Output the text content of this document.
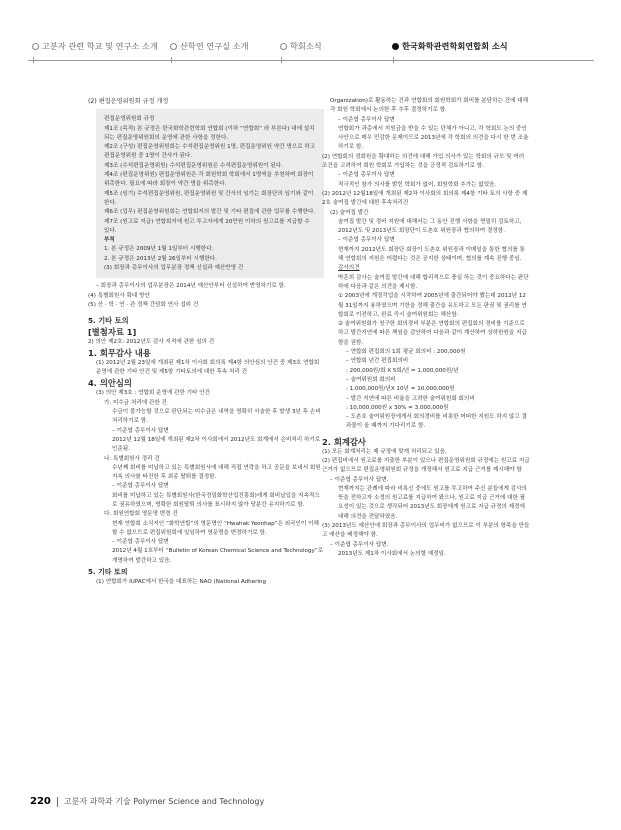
고분자 관련 학교 및 연구소 소개	산학연 연구실 소개	학회소식	한국화학관련학회연합회 소식

(2) 편집운영위원회 규정 개정

편집운영위원회 규정

제1조 (목적) 본 규정은 한국화학관련학회 연합회 (이하 “연합회” 라 부른다) 내에 설치되는 편집운영위원회의 운영에 관한 사항을 정한다.

제2조 (구성) 편집운영위원회는 수석편집운영위원 1명, 편집운영위원 약간 명으로 하고 편집운영위원 중 1명이 간사가 된다.

제3조 (수석편집운영위원) 수석편집운영위원은 수석편집운영위원이 된다.

제4조 (편집운영위원) 편집운영위원은 각 회원학회 학회에서 1명씩을 추천하며 회장이 위촉한다. 필요에 따라 회장이 약간 명을 위촉한다.

제5조 (임기) 수석편집운영위원, 편집운영위원 및 간사의 임기는 회장단의 임기와 같이한다.

제6조 (업무) 편집운영위원회는 연합회지의 발간 및 기타 편집에 관한 업무를 수행한다.

제7조 (원고료 지급) 연합회지에 원고 투고자에게 20만원 이하의 원고료를 지급할 수 있다.

부칙

1. 본 규정은 2009년 1월 1일부터 시행한다.

2. 본 규정은 2013년 2월 26일부터 시행한다.

(3) 회장과 총무이사의 업무분장 정책 신설과 예산반영 건

– 회장과 총무이사의 업무분장은 2014년 예산안부터 신설하여 반영하기로 함.

(4) 특별회원사 확대 방안

(5) 산 · 학 · 연 · 관 정책 간담회 연사 섭외 건

5. 기타 토의

[별첨자료 1]

2) 의안 제2호: 2012년도 감사 지적에 관한 심의 건

1. 회무감사 내용

(1) 2012년 2월 23일에 개최된 제1차 이사회 회의록 제4항 의안심의 안건 중 제3호 연합회 운영에 관한 기타 안건 및 제5항 기타토의에 대한 후속 처리 건

4. 의안심의

(3) 의안 제3호 : 연합회 운영에 관한 기타 안건

가. 미수금 처리에 관한 건

수금이 불가능할 것으로 판단되는 미수금은 내역을 명확히 서술한 후 발생 3년 후 손비 처리하기로 함.

– 이준엽 총무이사 답변

2012년 12월 18일에 개최된 제2차 이사회에서 2012년도 회계에서 손비처리 하기로 인준됨.

나. 특별회원사 정리 건

수년째 회비를 미납하고 있는 특별회원사에 대해 직접 연락을 하고 공문을 보내서 회원 지속 의사를 타진한 후 최종 탈퇴를 결정함.

– 이준엽 총무이사 답변

회비를 미납하고 있는 특별회원사(한국정밀화학산업진흥회)에게 회비납입을 지속적으로 권유하였으며, 명확한 회원탈퇴 의사를 표시하지 않아 당분간 유지하기로 함.

다. 회원연합회 영문명 변경 건

현재 연합회 소식지인 “화학연합”의 영문명인 “Hwahak Yeonhap”은 외국인이 이해할 수 없으므로 편집위원회에 일임하여 영문명을 변경하기로 함.

– 이준엽 총무이사 답변

2012년 4월 1호부터 “Bulletin of Korean Chemical Science and Technology”로 개명하여 발간하고 있음.

5. 기타 토의

(1) 연합회가 IUPAC에서 한국을 대표하는 NAO (National Adhering

Organization)로 활동하는 건과 연합회의 회원학회가 회비를 분담하는 건에 대해 각 회원 학회에서 논의한 후 추후 결정하기로 함.

– 이준엽 총무이사 답변

연합회가 과총에서 지원금을 받을 수 있는 단체가 아니고, 각 학회도 논의 중인 사안으로 매우 민감한 문제이므로 2013년에 각 학회의 의견을 다시 한 번 조율 하기로 함.

(2) 연합회의 정회원을 확대하는 의견에 대해 가입 의사가 있는 학회의 규모 및 여러 조건을 고려하여 회원 학회로 가입하는 것을 긍정적 검토하기로 함.

– 이준엽 총무이사 답변

적극적인 참가 의사를 밝힌 학회가 없어, 회원학회 추가는 없었음.

(2) 2012년 12월18일에 개최된 제2차 이사회의 회의록 제4항 기타 토의 사항 중 제2호 술여집 발간에 대한 후속처리건

(2) 술여집 발간

술여집 발간 및 경비 지원에 대해서는 그 동안 진행 사항을 면밀히 검토하고, 2012년도 및 2013년도 회장단이 도촌호 위원장과 협의하여 결정함.

– 이준엽 총무이사 답변

현재까지 2012년도 회장단 회장이 도촌호 위원장과 이메일을 통한 협의를 통해 연합회의 지원은 어렵다는 것은 공지한 상태이며, 협의를 계속 진행 중임.

감사의견

박흔희 감사는 술여집 발간에 대해 합리적으로 충실 하는 것이 중요하다는 판단하에 다음과 같은 의견을 제시함.

① 2003년에 개정작업을 시작하여 2005년에 출간되어야 했는데 2012년 12월 31일까지 용하였으며 기한을 정해 출간을 유도하고 모든 판권 및 권리를 연합회로 이전하고, 완료 즉시 술여위원회는 해산함.

② 술여위원회가 청구한 회의경비 부분은 연합회의 편집회의 경비를 기준으로 하고 발간지연에 따른 책임을 감안하여 다음과 같이 계산하여 상하한원을 지급함을 권함.

– 연합회 편집회의 1회 평균 회의비 : 200,000원

– 연합회 년간 편집회의비

: 200,000원/회 X 5회/년 = 1,000,000원/년

– 술여위원회 회의비

: 1,000,000원/년X 10년 = 10,000,000원

– 발간 지연에 따른 비율을 고려한 술여위원회 회의비

: 10,000,000원 x 30% = 3,000,000원

– 도촌호 술여위원장에게서 회의경비를 비롯한 어떠한 지원도 하지 않고 결과물이 올 때까지 기다리기로 함.

2. 회계감사

(1) 모든 회계처리는 제 규정에 맞게 처리되고 있음.

(2) 편집비에서 원고료를 지출한 부분이 있으나 편집운영위원회 규정에는 원고료 지급 근거가 없으므로 편집운영위원회 규정을 개정해서 원고료 지급 근거를 제시해야 함

– 이준엽 총무이사 답변.

현재까지는 관례에 따라 비록신 중에도 원고를 투고하여 주신 분들에게 감사의 뜻을 전하고자 소정의 원고료를 지급하여 왔으나, 원고료 지급 근거에 대한 필요성이 있는 것으로 생각되어 2013년도 회장에게 원고료 지급 규정의 제정에 대해 의견을 전달하였음.

(3) 2013년도 예산안에 회장과 총무이사의 업무비가 없으므로 이 부분의 항목을 만들고 예산을 배정해야 함.

– 이준엽 총무이사 답변.

2013년도 제1차 이사회에서 논의할 예정임.

220 고분자 과학과 기술 Polymer Science and Technology
